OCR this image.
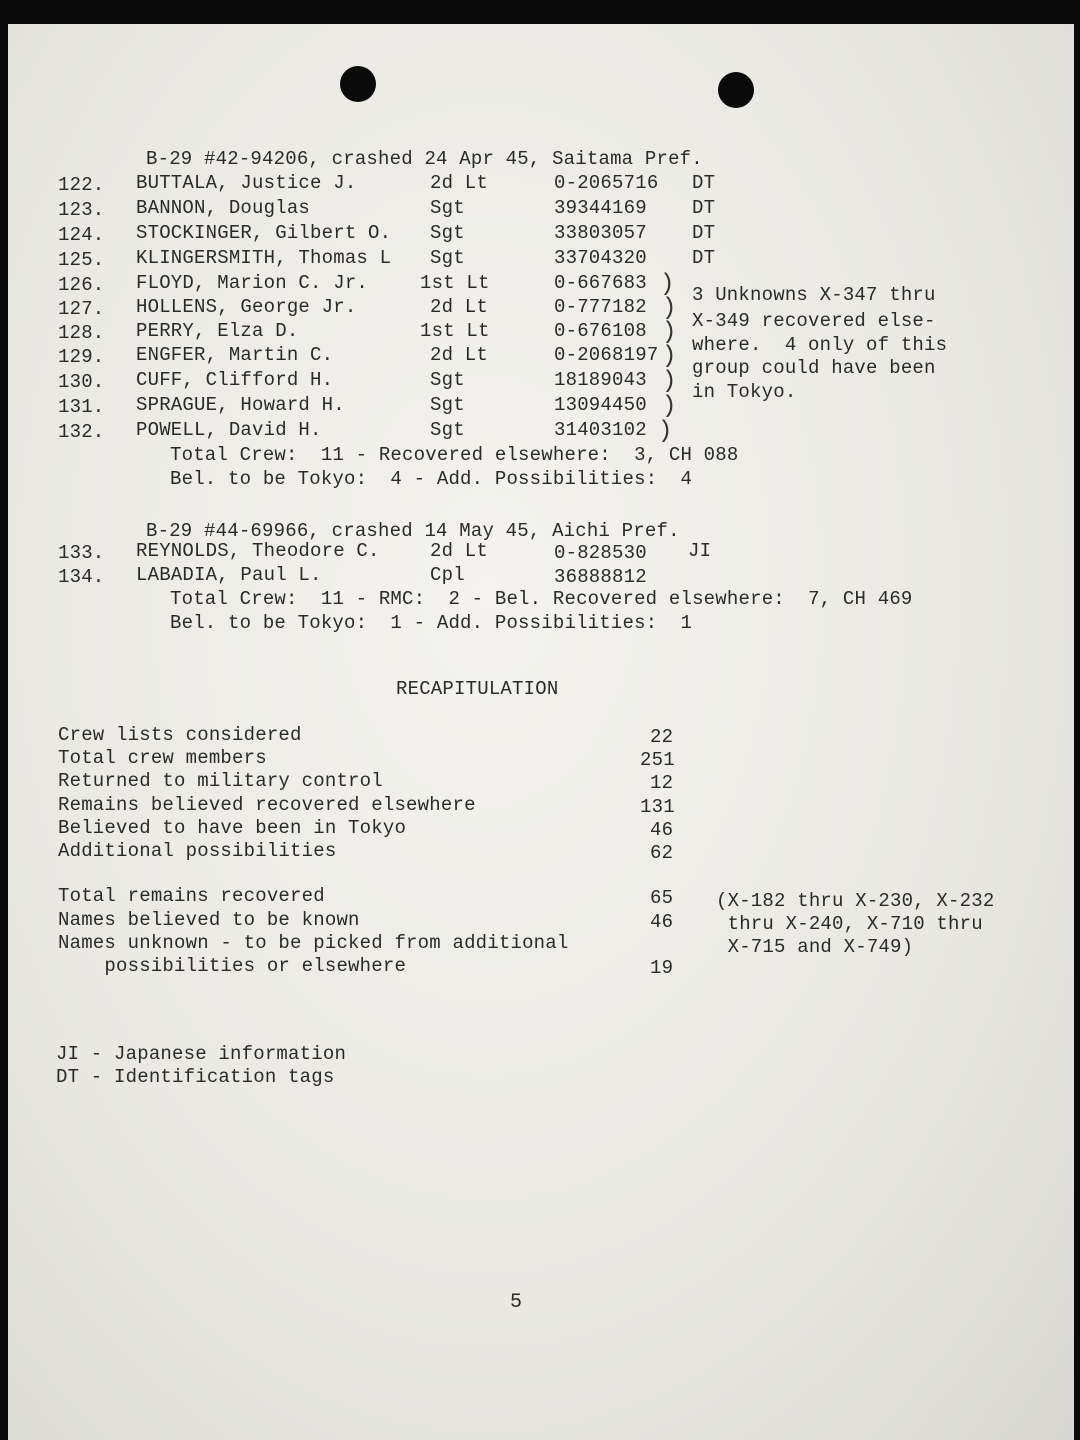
B-29 #42-94206, crashed 24 Apr 45, Saitama Pref.
122. BUTTALA, Justice J.	2d Lt	0-2065716 DT
123. BANNON, Douglas	Sgt	39344169 DT
124. STOCKINGER, Gilbert O. Sgt	33803057 DT
125. KLINGERSMITH, Thomas L Sgt	33704320 DT
126. FLOYD, Marion C. Jr.	1st Lt	0-667683
127. HOLLENS, George Jr.	2d Lt	0-777182
128. PERRY, Elza D.	1st Lt	0-676108
129. ENGFER, Martin C.	2d Lt	0-2068197
130. CUFF, Clifford H.	Sgt	18189043
131. SPRAGUE, Howard H.	Sgt	13094450
132. POWELL, David H.	Sgt	31403102
)
)
)
)
)
)
)
3 Unknowns X-347 thru
X-349 recovered else-
where.  4 only of this
group could have been
in Tokyo.
Total Crew:  11 - Recovered elsewhere:  3, CH 088
Bel. to be Tokyo:  4 - Add. Possibilities:  4
B-29 #44-69966, crashed 14 May 45, Aichi Pref.
133. REYNOLDS, Theodore C.	2d Lt	0-828530 JI
134. LABADIA, Paul L.	Cpl	36888812
Total Crew:  11 - RMC:  2 - Bel. Recovered elsewhere:  7, CH 469
Bel. to be Tokyo:  1 - Add. Possibilities:  1
RECAPITULATION
Crew lists considered	22
Total crew members	251
Returned to military control	12
Remains believed recovered elsewhere	131
Believed to have been in Tokyo	46
Additional possibilities	62
Total remains recovered	65
Names believed to be known	46
Names unknown - to be picked from additional
possibilities or elsewhere	19
(X-182 thru X-230, X-232
thru X-240, X-710 thru
X-715 and X-749)
JI - Japanese information
DT - Identification tags
5
